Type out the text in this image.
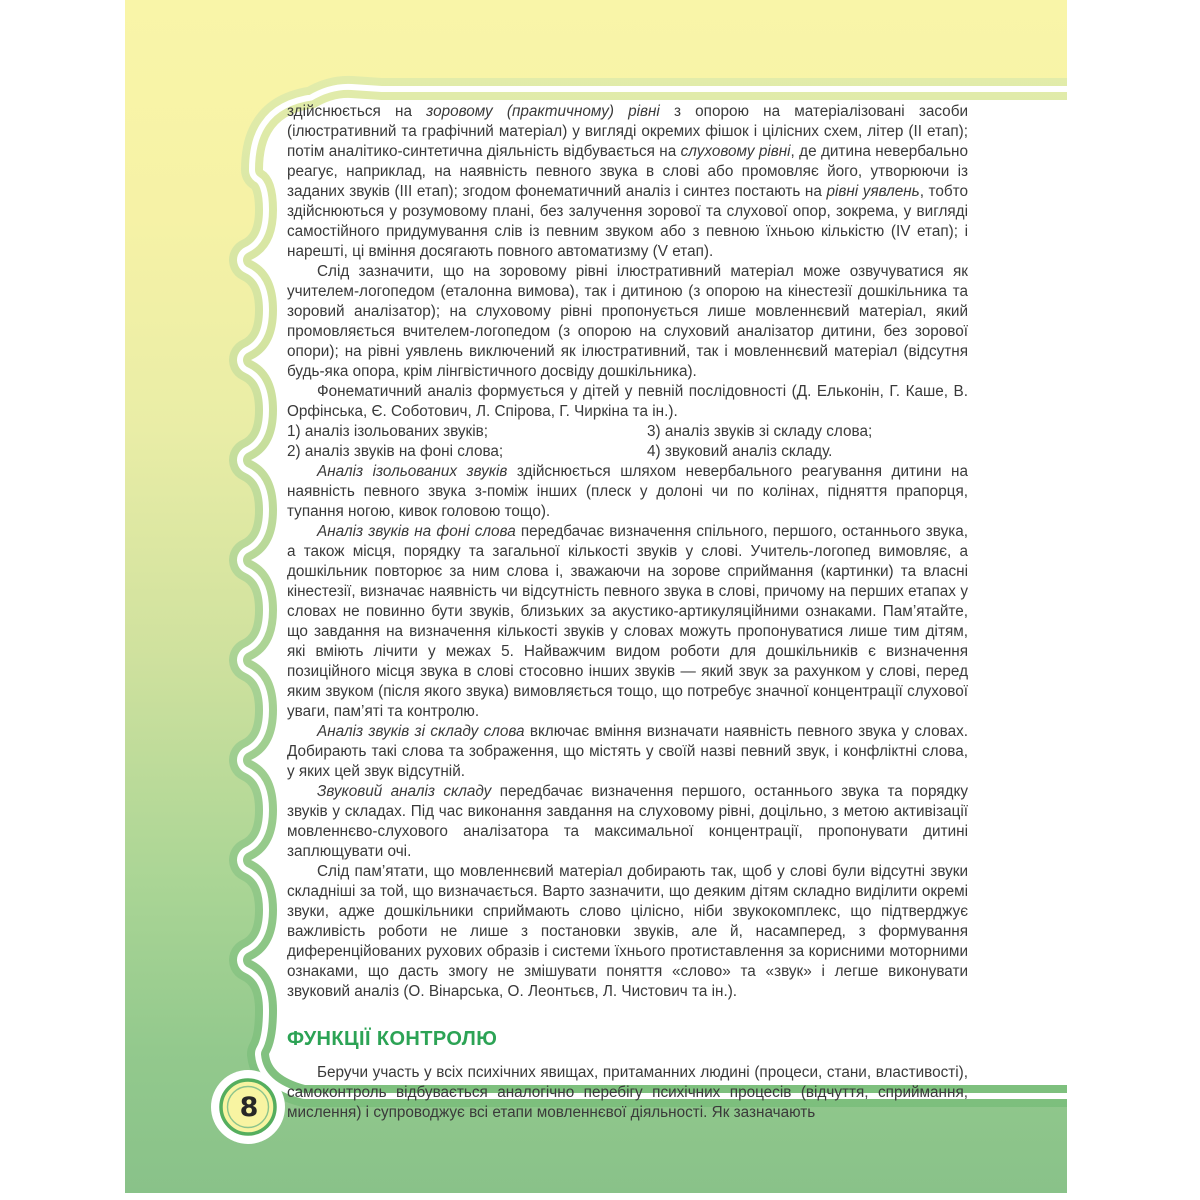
8

здійснюється на зоровому (практичному) рівні з опорою на матеріалізовані засоби (ілюстративний та графічний матеріал) у вигляді окремих фішок і цілісних схем, літер (ІІ етап); потім аналітико-синтетична діяльність відбувається на слуховому рівні, де дитина невербально реагує, наприклад, на наявність певного звука в слові або промовляє його, утворюючи із заданих звуків (ІІІ етап); згодом фонематичний аналіз і синтез постають на рівні уявлень, тобто здійснюються у розумовому плані, без залучення зорової та слухової опор, зокрема, у вигляді самостійного придумування слів із певним звуком або з певною їхньою кількістю (IV етап); і нарешті, ці вміння досягають повного автоматизму (V етап).

Слід зазначити, що на зоровому рівні ілюстративний матеріал може озвучуватися як учителем-логопедом (еталонна вимова), так і дитиною (з опорою на кінестезії дошкільника та зоровий аналізатор); на слуховому рівні пропонується лише мовленнєвий матеріал, який промовляється вчителем-логопедом (з опорою на слуховий аналізатор дитини, без зорової опори); на рівні уявлень виключений як ілюстративний, так і мовленнєвий матеріал (відсутня будь-яка опора, крім лінгвістичного досвіду дошкільника).

Фонематичний аналіз формується у дітей у певній послідовності (Д. Ельконін, Г. Каше, В. Орфінська, Є. Соботович, Л. Спірова, Г. Чиркіна та ін.).

1) аналіз ізольованих звуків;
2) аналіз звуків на фоні слова;
3) аналіз звуків зі складу слова;
4) звуковий аналіз складу.

Аналіз ізольованих звуків здійснюється шляхом невербального реагування дитини на наявність певного звука з-поміж інших (плеск у долоні чи по колінах, підняття прапорця, тупання ногою, кивок головою тощо).

Аналіз звуків на фоні слова передбачає визначення спільного, першого, останнього звука, а також місця, порядку та загальної кількості звуків у слові. Учитель-логопед вимовляє, а дошкільник повторює за ним слова і, зважаючи на зорове сприймання (картинки) та власні кінестезії, визначає наявність чи відсутність певного звука в слові, причому на перших етапах у словах не повинно бути звуків, близьких за акустико-артикуляційними ознаками. Пам’ятайте, що завдання на визначення кількості звуків у словах можуть пропонуватися лише тим дітям, які вміють лічити у межах 5. Найважчим видом роботи для дошкільників є визначення позиційного місця звука в слові стосовно інших звуків — який звук за рахунком у слові, перед яким звуком (після якого звука) вимовляється тощо, що потребує значної концентрації слухової уваги, пам’яті та контролю.

Аналіз звуків зі складу слова включає вміння визначати наявність певного звука у словах. Добирають такі слова та зображення, що містять у своїй назві певний звук, і конфліктні слова, у яких цей звук відсутній.

Звуковий аналіз складу передбачає визначення першого, останнього звука та порядку звуків у складах. Під час виконання завдання на слуховому рівні, доцільно, з метою активізації мовленнєво-слухового аналізатора та максимальної концентрації, пропонувати дитині заплющувати очі.

Слід пам’ятати, що мовленнєвий матеріал добирають так, щоб у слові були відсутні звуки складніші за той, що визначається. Варто зазначити, що деяким дітям складно виділити окремі звуки, адже дошкільники сприймають слово цілісно, ніби звукокомплекс, що підтверджує важливість роботи не лише з постановки звуків, але й, насамперед, з формування диференційованих рухових образів і системи їхнього протиставлення за корисними моторними ознаками, що дасть змогу не змішувати поняття «слово» та «звук» і легше виконувати звуковий аналіз (О. Вінарська, О. Леонтьєв, Л. Чистович та ін.).

ФУНКЦІЇ КОНТРОЛЮ

Беручи участь у всіх психічних явищах, притаманних людині (процеси, стани, властивості), самоконтроль відбувається аналогічно перебігу психічних процесів (відчуття, сприймання, мислення) і супроводжує всі етапи мовленнєвої діяльності. Як зазначають
